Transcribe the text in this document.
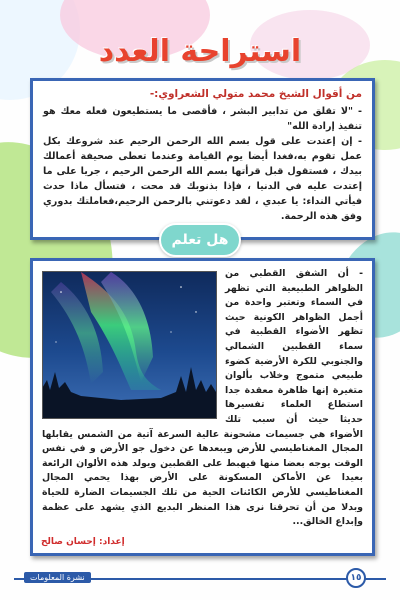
استراحة العدد
من أقوال الشيخ محمد متولي الشعراوي:-
- "لا تقلق من تدابير البشر ، فأقصى ما يستطيعون فعله معك هو تنفيذ إرادة الله"
- إن إعتدت على قول بسم الله الرحمن الرحيم عند شروعك بكل عمل تقوم به،فغدا أيضا يوم القيامة وعندما تعطى صحيفة أعمالك بيدك ، فستقول قبل قرأتها بسم الله الرحمن الرحيم ، جريا على ما إعتدت عليه في الدنيا ، فإذا بذنوبك قد محت ، فتسأل ماذا حدث فيأتي النداء: يا عبدي ، لقد دعوتني بالرحمن الرحيم،فعاملتك بدوري وفق هذه الرحمة.
هل تعلم
- أن الشفق القطبي من الظواهر الطبيعية التي تظهر في السماء وتعتبر واحدة من أجمل الظواهر الكونية حيث تظهر الأضواء القطبية في سماء القطبين الشمالي والجنوبي للكرة الأرضية كضوء طبيعي متموج وخلاب بألوان متغيرة إنها ظاهرة معقدة جدا استطاع العلماء تفسيرها حديثا حيث أن سبب تلك الأضواء هي جسيمات مشحونة عالية السرعة آتية من الشمس يقابلها المجال المغناطيسي للأرض ويبعدها عن دخول جو الأرض و في نفس الوقت يوجه بعضا منها فيهبط على القطبين ويولد هذه الألوان الرائعة بعيدا عن الأماكن المسكونة على الأرض بهذا يحمي المجال المغناطيسي للأرض الكائنات الحية من تلك الجسيمات الضارة للحياة وبدلا من أن تحرقنا نرى هذا المنظر البديع الذي يشهد على عظمة وإبداع الخالق...
إعداد: إحسان صالح
نشرة المعلومات	١٥
